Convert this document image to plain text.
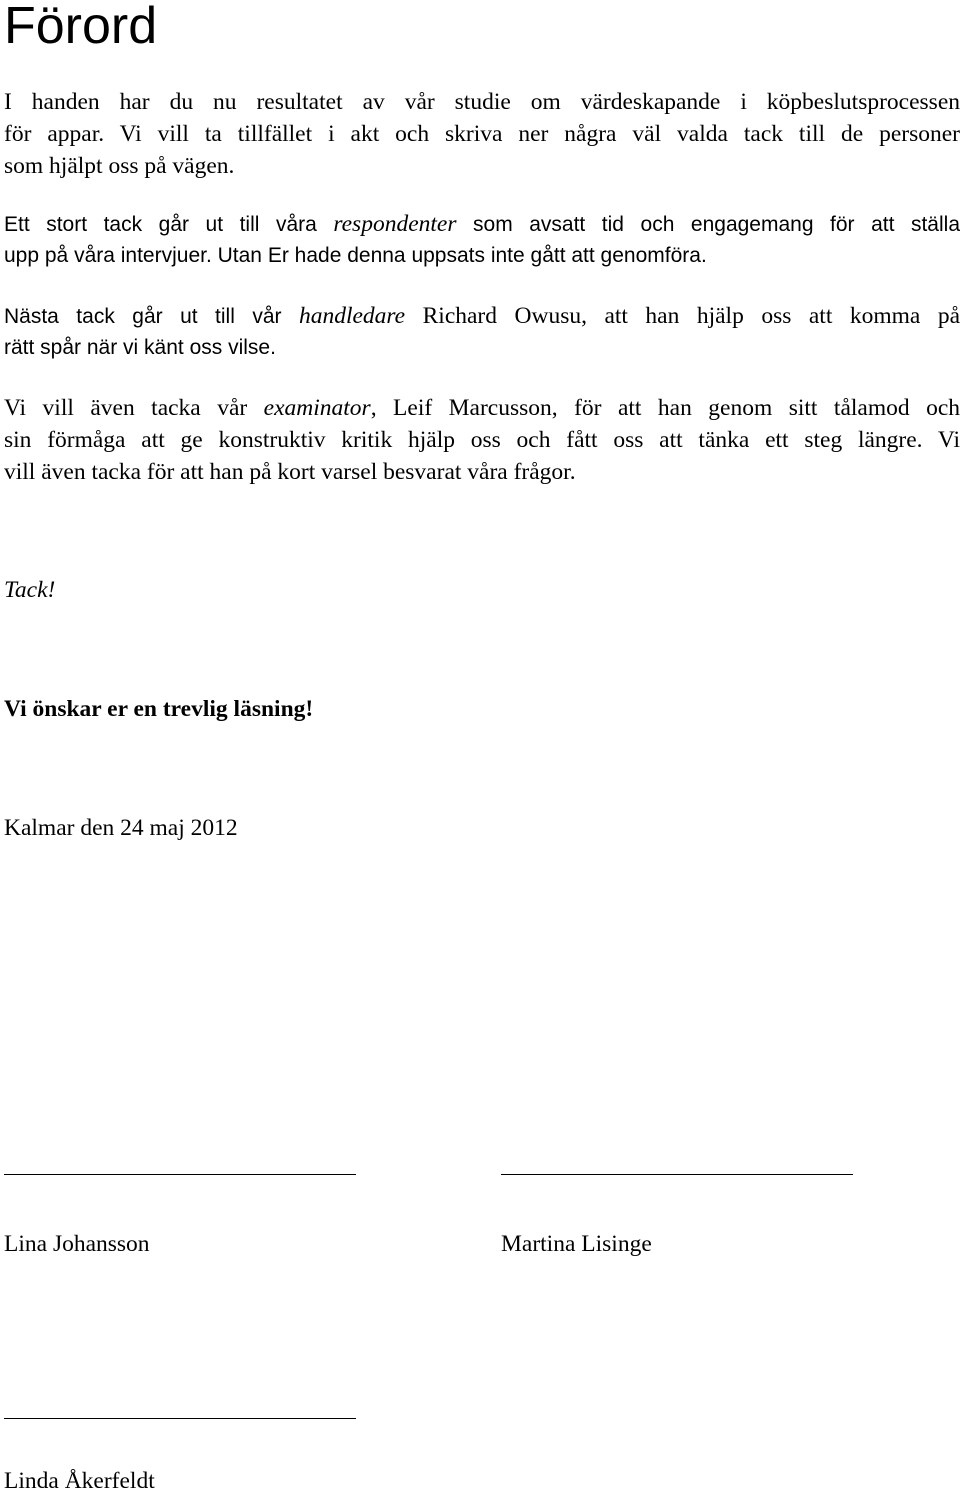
Förord
I handen har du nu resultatet av vår studie om värdeskapande i köpbeslutsprocessen
för appar. Vi vill ta tillfället i akt och skriva ner några väl valda tack till de personer
som hjälpt oss på vägen.
Ett stort tack går ut till våra respondenter som avsatt tid och engagemang för att ställa
upp på våra intervjuer. Utan Er hade denna uppsats inte gått att genomföra.
Nästa tack går ut till vår handledare Richard Owusu, att han hjälp oss att komma på
rätt spår när vi känt oss vilse.
Vi vill även tacka vår examinator, Leif Marcusson, för att han genom sitt tålamod och
sin förmåga att ge konstruktiv kritik hjälp oss och fått oss att tänka ett steg längre. Vi
vill även tacka för att han på kort varsel besvarat våra frågor.
Tack!
Vi önskar er en trevlig läsning!
Kalmar den 24 maj 2012
Lina Johansson	Martina Lisinge
Linda Åkerfeldt
